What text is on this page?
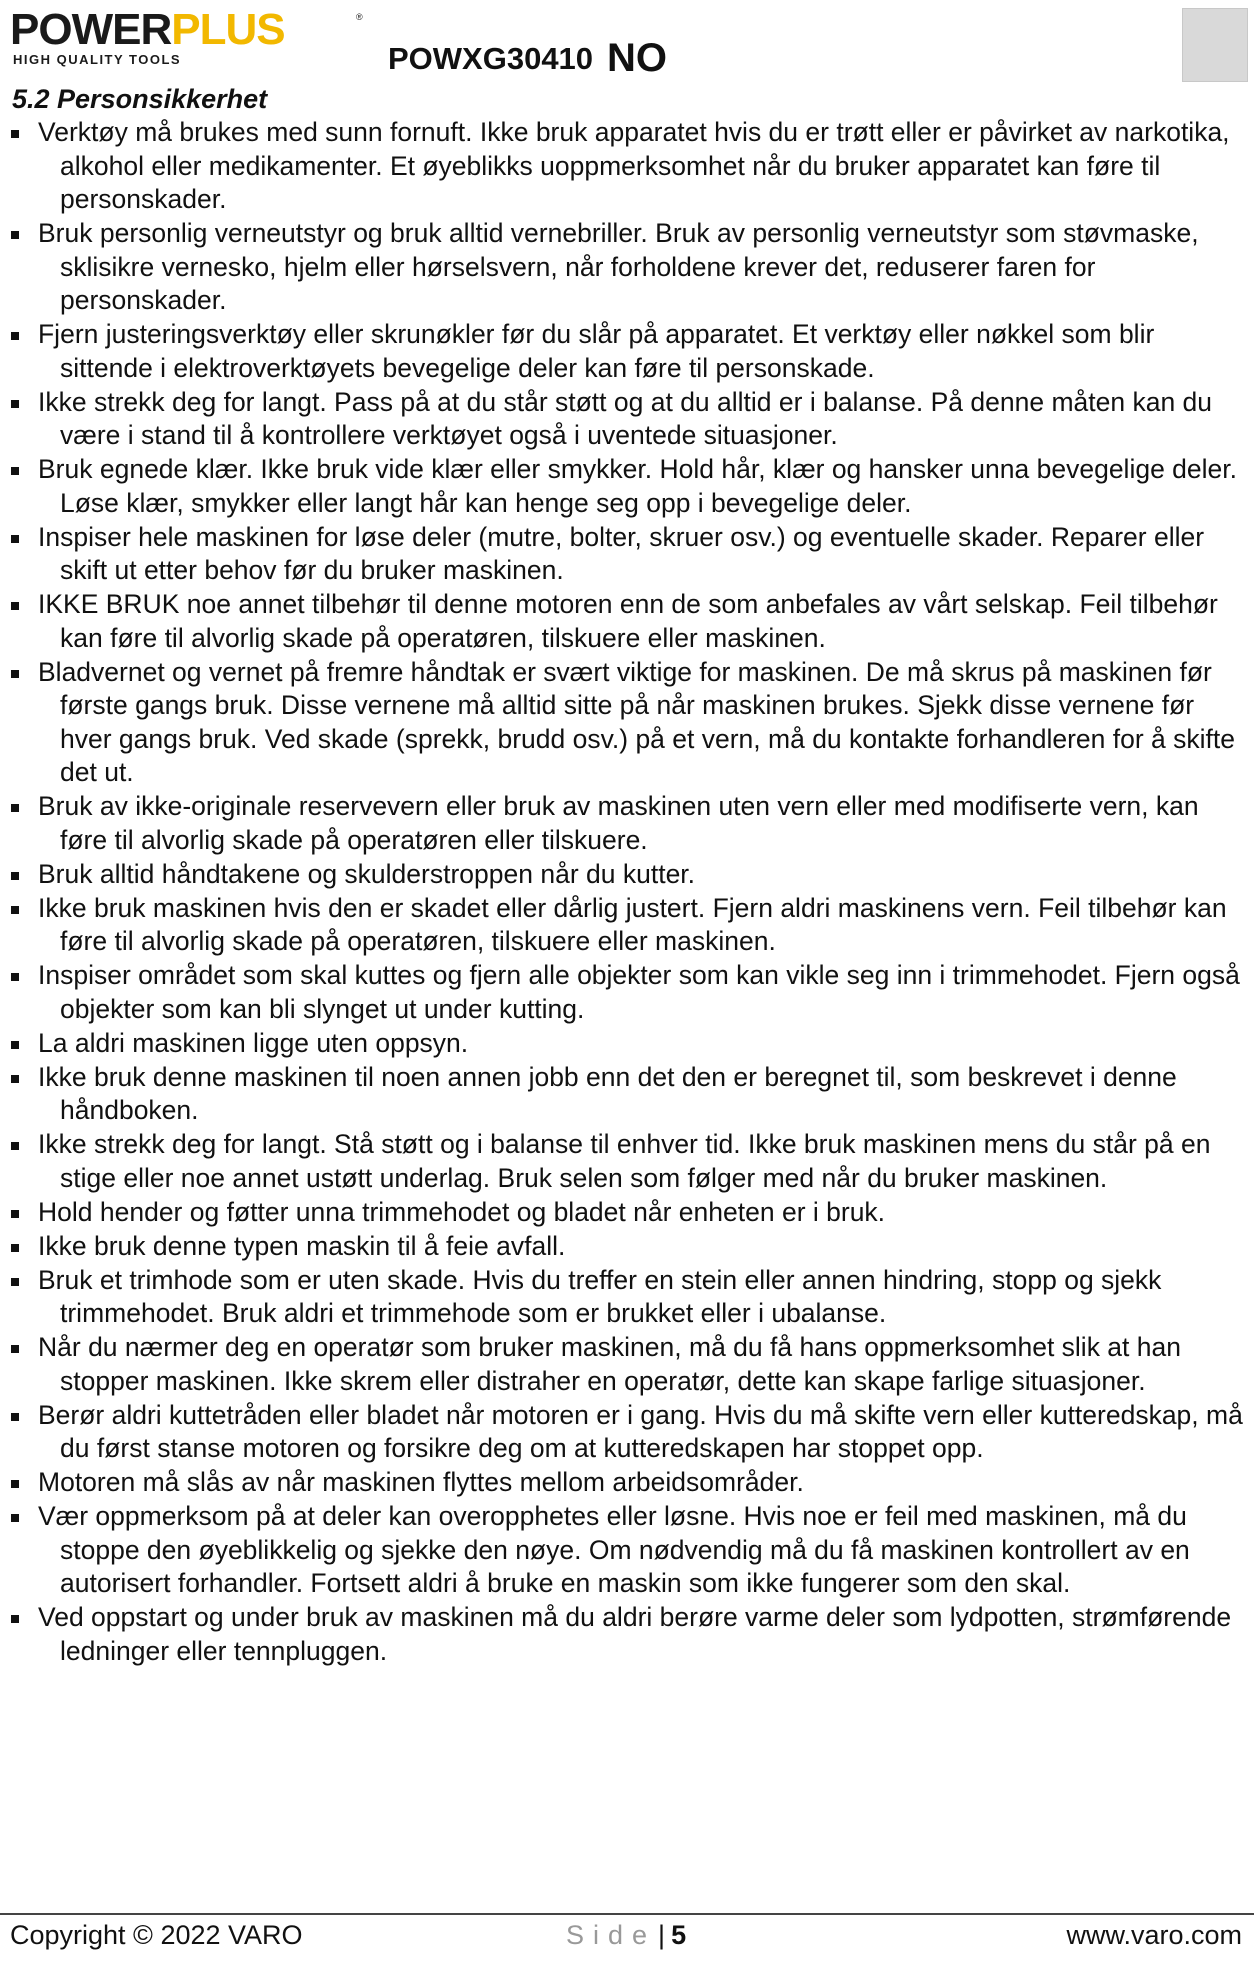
POWERPLUS	®
HIGH QUALITY TOOLS	POWXG30410 NO
5.2 Personsikkerhet
Verktøy må brukes med sunn fornuft. Ikke bruk apparatet hvis du er trøtt eller er påvirket av narkotika, alkohol eller medikamenter. Et øyeblikks uoppmerksomhet når du bruker apparatet kan føre til personskader.
Bruk personlig verneutstyr og bruk alltid vernebriller. Bruk av personlig verneutstyr som støvmaske, sklisikre vernesko, hjelm eller hørselsvern, når forholdene krever det, reduserer faren for personskader.
Fjern justeringsverktøy eller skrunøkler før du slår på apparatet. Et verktøy eller nøkkel som blir sittende i elektroverktøyets bevegelige deler kan føre til personskade.
Ikke strekk deg for langt. Pass på at du står støtt og at du alltid er i balanse. På denne måten kan du være i stand til å kontrollere verktøyet også i uventede situasjoner.
Bruk egnede klær. Ikke bruk vide klær eller smykker. Hold hår, klær og hansker unna bevegelige deler. Løse klær, smykker eller langt hår kan henge seg opp i bevegelige deler.
Inspiser hele maskinen for løse deler (mutre, bolter, skruer osv.) og eventuelle skader. Reparer eller skift ut etter behov før du bruker maskinen.
IKKE BRUK noe annet tilbehør til denne motoren enn de som anbefales av vårt selskap. Feil tilbehør kan føre til alvorlig skade på operatøren, tilskuere eller maskinen.
Bladvernet og vernet på fremre håndtak er svært viktige for maskinen. De må skrus på maskinen før første gangs bruk. Disse vernene må alltid sitte på når maskinen brukes. Sjekk disse vernene før hver gangs bruk. Ved skade (sprekk, brudd osv.) på et vern, må du kontakte forhandleren for å skifte det ut.
Bruk av ikke-originale reservevern eller bruk av maskinen uten vern eller med modifiserte vern, kan føre til alvorlig skade på operatøren eller tilskuere.
Bruk alltid håndtakene og skulderstroppen når du kutter.
Ikke bruk maskinen hvis den er skadet eller dårlig justert. Fjern aldri maskinens vern. Feil tilbehør kan føre til alvorlig skade på operatøren, tilskuere eller maskinen.
Inspiser området som skal kuttes og fjern alle objekter som kan vikle seg inn i trimmehodet. Fjern også objekter som kan bli slynget ut under kutting.
La aldri maskinen ligge uten oppsyn.
Ikke bruk denne maskinen til noen annen jobb enn det den er beregnet til, som beskrevet i denne håndboken.
Ikke strekk deg for langt. Stå støtt og i balanse til enhver tid. Ikke bruk maskinen mens du står på en stige eller noe annet ustøtt underlag. Bruk selen som følger med når du bruker maskinen.
Hold hender og føtter unna trimmehodet og bladet når enheten er i bruk.
Ikke bruk denne typen maskin til å feie avfall.
Bruk et trimhode som er uten skade. Hvis du treffer en stein eller annen hindring, stopp og sjekk trimmehodet. Bruk aldri et trimmehode som er brukket eller i ubalanse.
Når du nærmer deg en operatør som bruker maskinen, må du få hans oppmerksomhet slik at han stopper maskinen. Ikke skrem eller distraher en operatør, dette kan skape farlige situasjoner.
Berør aldri kuttetråden eller bladet når motoren er i gang. Hvis du må skifte vern eller kutteredskap, må du først stanse motoren og forsikre deg om at kutteredskapen har stoppet opp.
Motoren må slås av når maskinen flyttes mellom arbeidsområder.
Vær oppmerksom på at deler kan overopphetes eller løsne. Hvis noe er feil med maskinen, må du stoppe den øyeblikkelig og sjekke den nøye. Om nødvendig må du få maskinen kontrollert av en autorisert forhandler. Fortsett aldri å bruke en maskin som ikke fungerer som den skal.
Ved oppstart og under bruk av maskinen må du aldri berøre varme deler som lydpotten, strømførende ledninger eller tennpluggen.
Copyright © 2022 VARO	Side| 5	www.varo.com
